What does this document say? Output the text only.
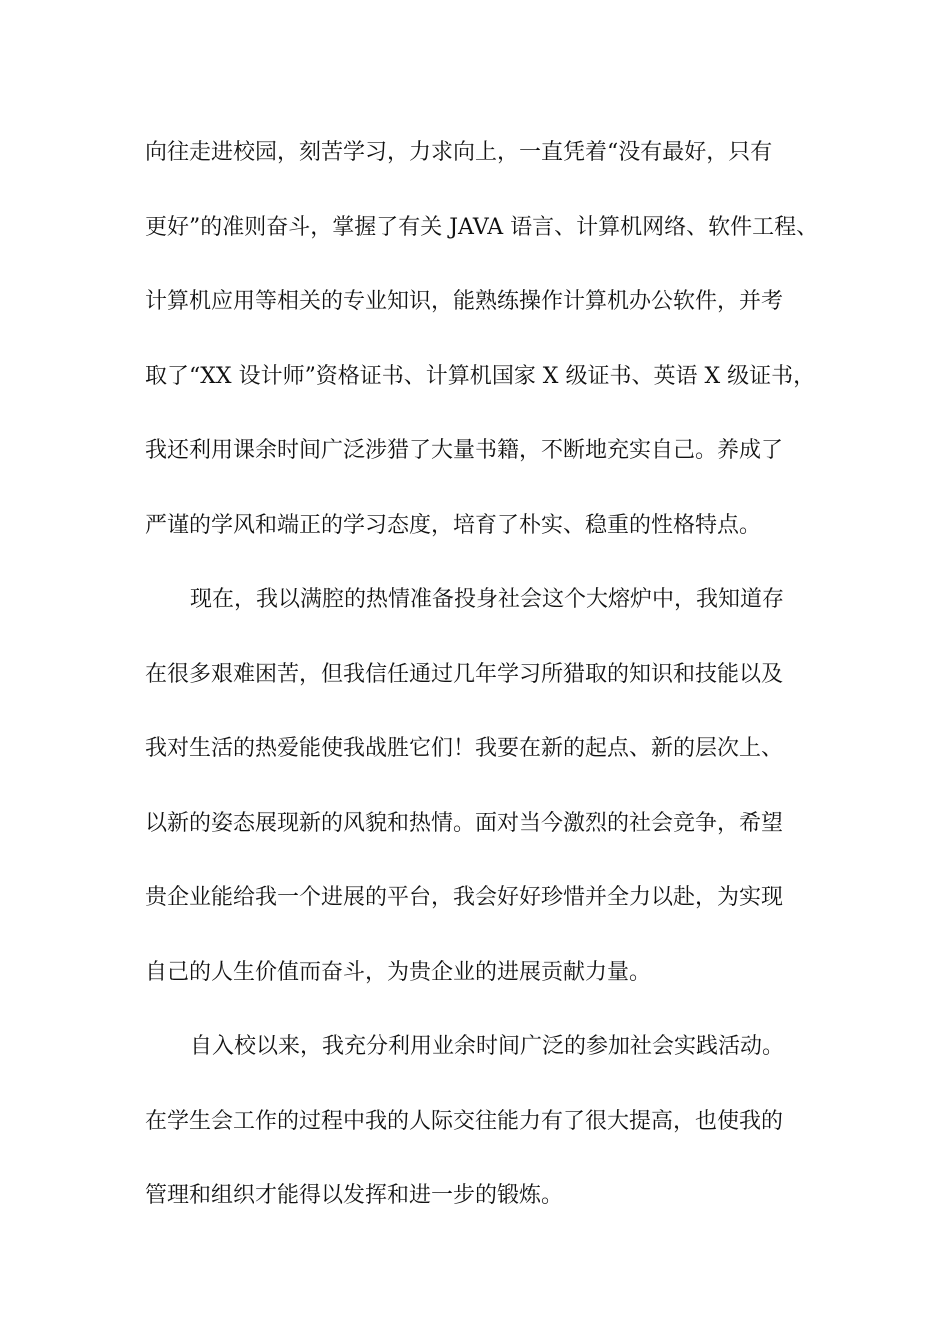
向往走进校园，刻苦学习，力求向上，一直凭着“没有最好，只有
更好”的准则奋斗，掌握了有关 JAVA 语言、计算机网络、软件工程、
计算机应用等相关的专业知识，能熟练操作计算机办公软件，并考
取了“XX 设计师”资格证书、计算机国家 X 级证书、英语 X 级证书，
我还利用课余时间广泛涉猎了大量书籍，不断地充实自己。养成了
严谨的学风和端正的学习态度，培育了朴实、稳重的性格特点。
现在，我以满腔的热情准备投身社会这个大熔炉中，我知道存
在很多艰难困苦，但我信任通过几年学习所猎取的知识和技能以及
我对生活的热爱能使我战胜它们！我要在新的起点、新的层次上、
以新的姿态展现新的风貌和热情。面对当今激烈的社会竞争，希望
贵企业能给我一个进展的平台，我会好好珍惜并全力以赴，为实现
自己的人生价值而奋斗，为贵企业的进展贡献力量。
自入校以来，我充分利用业余时间广泛的参加社会实践活动。
在学生会工作的过程中我的人际交往能力有了很大提高，也使我的
管理和组织才能得以发挥和进一步的锻炼。
